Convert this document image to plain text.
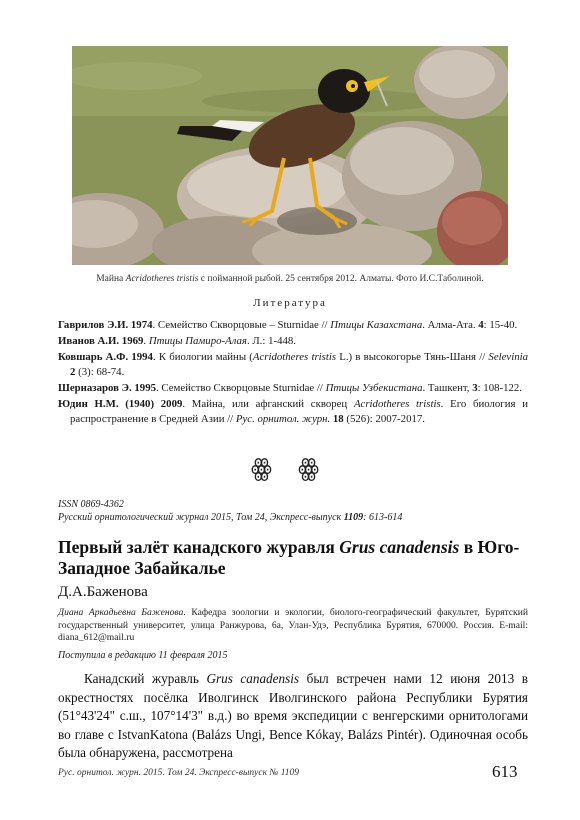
Майна Acridotheres tristis с пойманной рыбой. 25 сентября 2012. Алматы. Фото И.С.Таболиной.
Литература
Гаврилов Э.И. 1974. Семейство Скворцовые – Sturnidae // Птицы Казахстана. Алма-Ата. 4: 15-40.
Иванов А.И. 1969. Птицы Памиро-Алая. Л.: 1-448.
Ковшарь А.Ф. 1994. К биологии майны (Acridotheres tristis L.) в высокогорье Тянь-Шаня // Selevinia 2 (3): 68-74.
Шерназаров Э. 1995. Семейство Скворцовые Sturnidae // Птицы Узбекистана. Ташкент, 3: 108-122.
Юдин Н.М. (1940) 2009. Майна, или афганский скворец Acridotheres tristis. Его биология и распространение в Средней Азии // Рус. орнитол. журн. 18 (526): 2007-2017.
ꙮ ꙮ
ISSN 0869-4362
Русский орнитологический журнал 2015, Том 24, Экспресс-выпуск 1109: 613-614
Первый залёт канадского журавля Grus canadensis в Юго-Западное Забайкалье
Д.А.Баженова
Диана Аркадьевна Баженова. Кафедра зоологии и экологии, биолого-географический факультет, Бурятский государственный университет, улица Ранжурова, 6а, Улан-Удэ, Республика Бурятия, 670000. Россия. E-mail: diana_612@mail.ru
Поступила в редакцию 11 февраля 2015
Канадский журавль Grus canadensis был встречен нами 12 июня 2013 в окрестностях посёлка Иволгинск Иволгинского района Республики Бурятия (51°43'24" с.ш., 107°14'3" в.д.) во время экспедиции с венгерскими орнитологами во главе с IstvanKatona (Balázs Ungi, Bence Kókay, Balázs Pintér). Одиночная особь была обнаружена, рассмотрена
Рус. орнитол. журн. 2015. Том 24. Экспресс-выпуск № 1109	613
